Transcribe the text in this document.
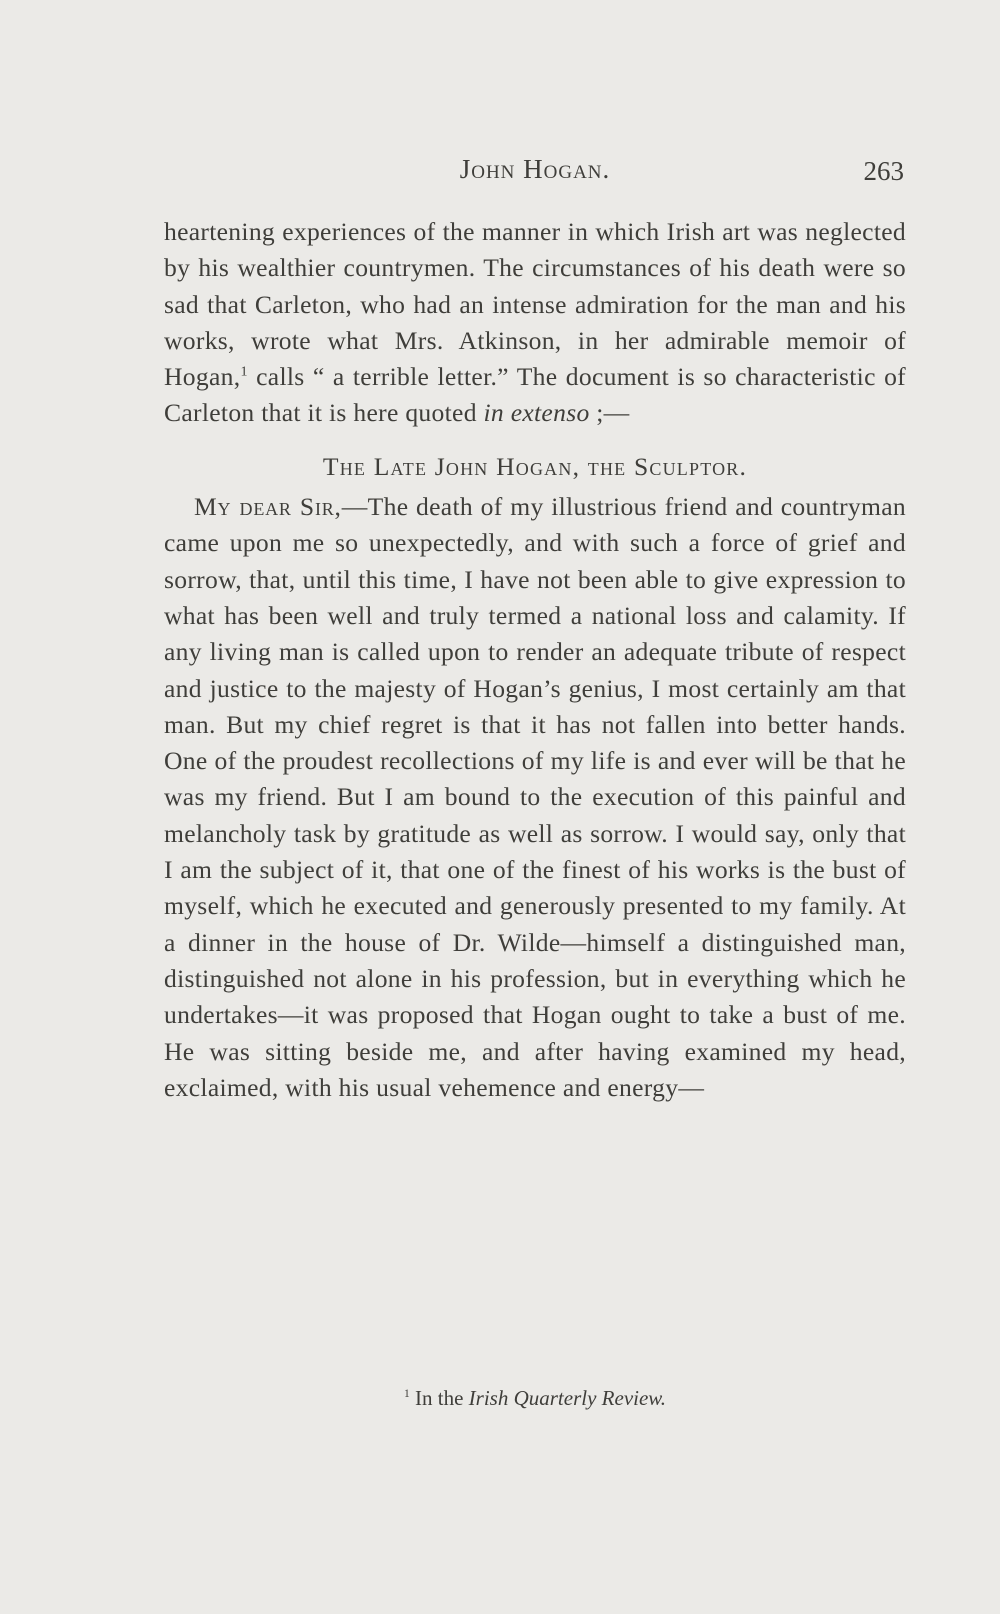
John Hogan.	263

heartening experiences of the manner in which Irish art was neglected by his wealthier countrymen. The circumstances of his death were so sad that Carleton, who had an intense admiration for the man and his works, wrote what Mrs. Atkinson, in her admirable memoir of Hogan,$^1$ calls “ a terrible letter.” The document is so characteristic of Carleton that it is here quoted in extenso ;—

The Late John Hogan, the Sculptor.

My dear Sir,—The death of my illustrious friend and countryman came upon me so unexpectedly, and with such a force of grief and sorrow, that, until this time, I have not been able to give expression to what has been well and truly termed a national loss and calamity. If any living man is called upon to render an adequate tribute of respect and justice to the majesty of Hogan’s genius, I most certainly am that man. But my chief regret is that it has not fallen into better hands. One of the proudest recollections of my life is and ever will be that he was my friend. But I am bound to the execution of this painful and melancholy task by gratitude as well as sorrow. I would say, only that I am the subject of it, that one of the finest of his works is the bust of myself, which he executed and generously presented to my family. At a dinner in the house of Dr. Wilde—himself a distinguished man, distinguished not alone in his profession, but in everything which he undertakes—it was proposed that Hogan ought to take a bust of me. He was sitting beside me, and after having examined my head, exclaimed, with his usual vehemence and energy—

$^1$ In the Irish Quarterly Review.
